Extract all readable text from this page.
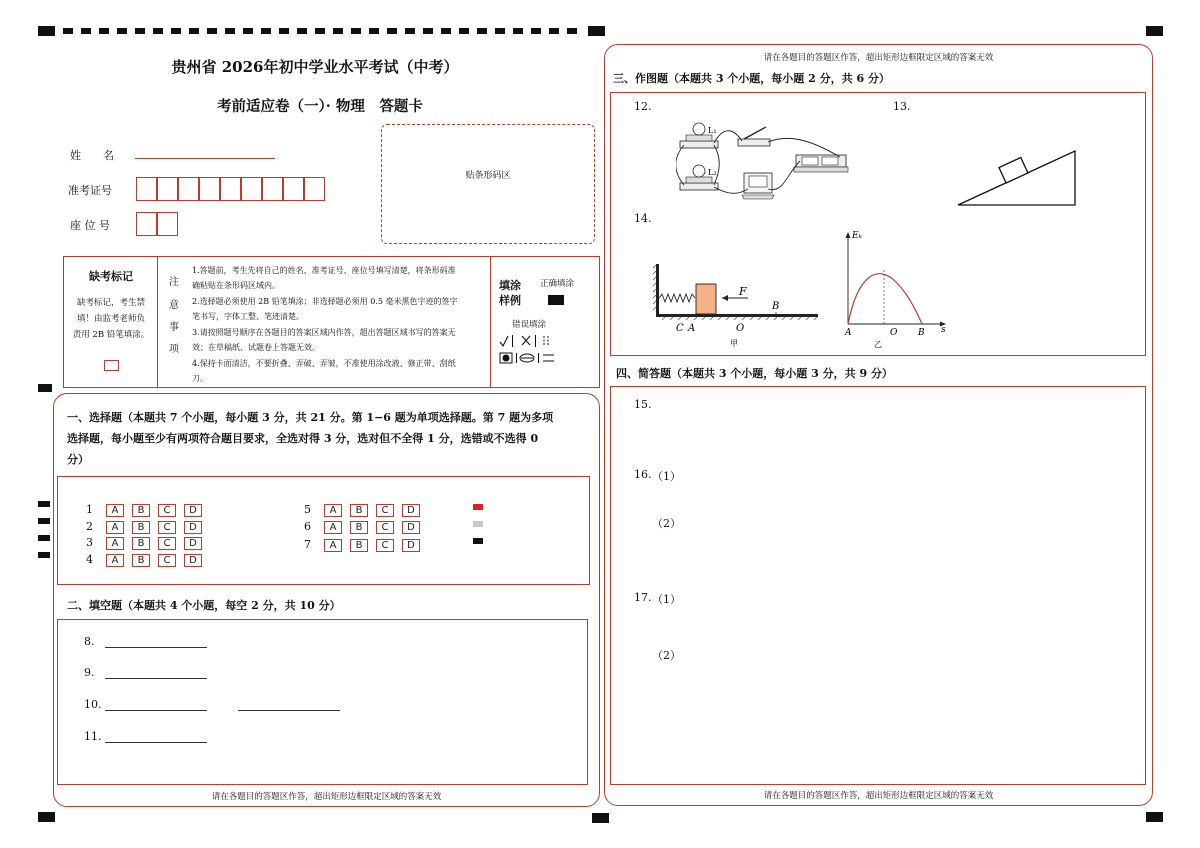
贵州省 2026年初中学业水平考试（中考）
考前适应卷（一）· 物理　答题卡
姓　　名
准考证号
座 位 号
贴条形码区
缺考标记
缺考标记，考生禁
填！由监考老师负
责用 2B 铅笔填涂。
注
意
事
项
1.答题前，考生先将自己的姓名、准考证号、座位号填写清楚，将条形码准
确粘贴在条形码区域内。
2.选择题必须使用 2B 铅笔填涂；非选择题必须用 0.5 毫米黑色字迹的签字
笔书写，字体工整、笔迹清楚。
3.请按照题号顺序在各题目的答案区域内作答，超出答题区域书写的答案无
效；在草稿纸、试题卷上答题无效。
4.保持卡面清洁，不要折叠、弄破、弄皱，不准使用涂改液、修正带、刮纸
刀。
填涂
样例
正确填涂
错误填涂
一、选择题（本题共 7 个小题，每小题 3 分，共 21 分。第 1−6 题为单项选择题。第 7 题为多项
选择题，每小题至少有两项符合题目要求，全选对得 3 分，选对但不全得 1 分，选错或不选得 0
分）
1 A B C D
2 A B C D
3 A B C D
4 A B C D
5 A B C D
6 A B C D
7 A B C D
二、填空题（本题共 4 个小题，每空 2 分，共 10 分）
8.
9.
10.
11.
请在各题目的答题区作答，超出矩形边框限定区域的答案无效
请在各题目的答题区作答，超出矩形边框限定区域的答案无效
三、作图题（本题共 3 个小题，每小题 2 分，共 6 分）
12.	13.
14.
L₁
L₂
F
B
C A	O
甲
Eₖ
A	O B s
乙
四、简答题（本题共 3 个小题，每小题 3 分，共 9 分）
15.
16. （1）
（2）
17. （1）
（2）
请在各题目的答题区作答，超出矩形边框限定区域的答案无效
